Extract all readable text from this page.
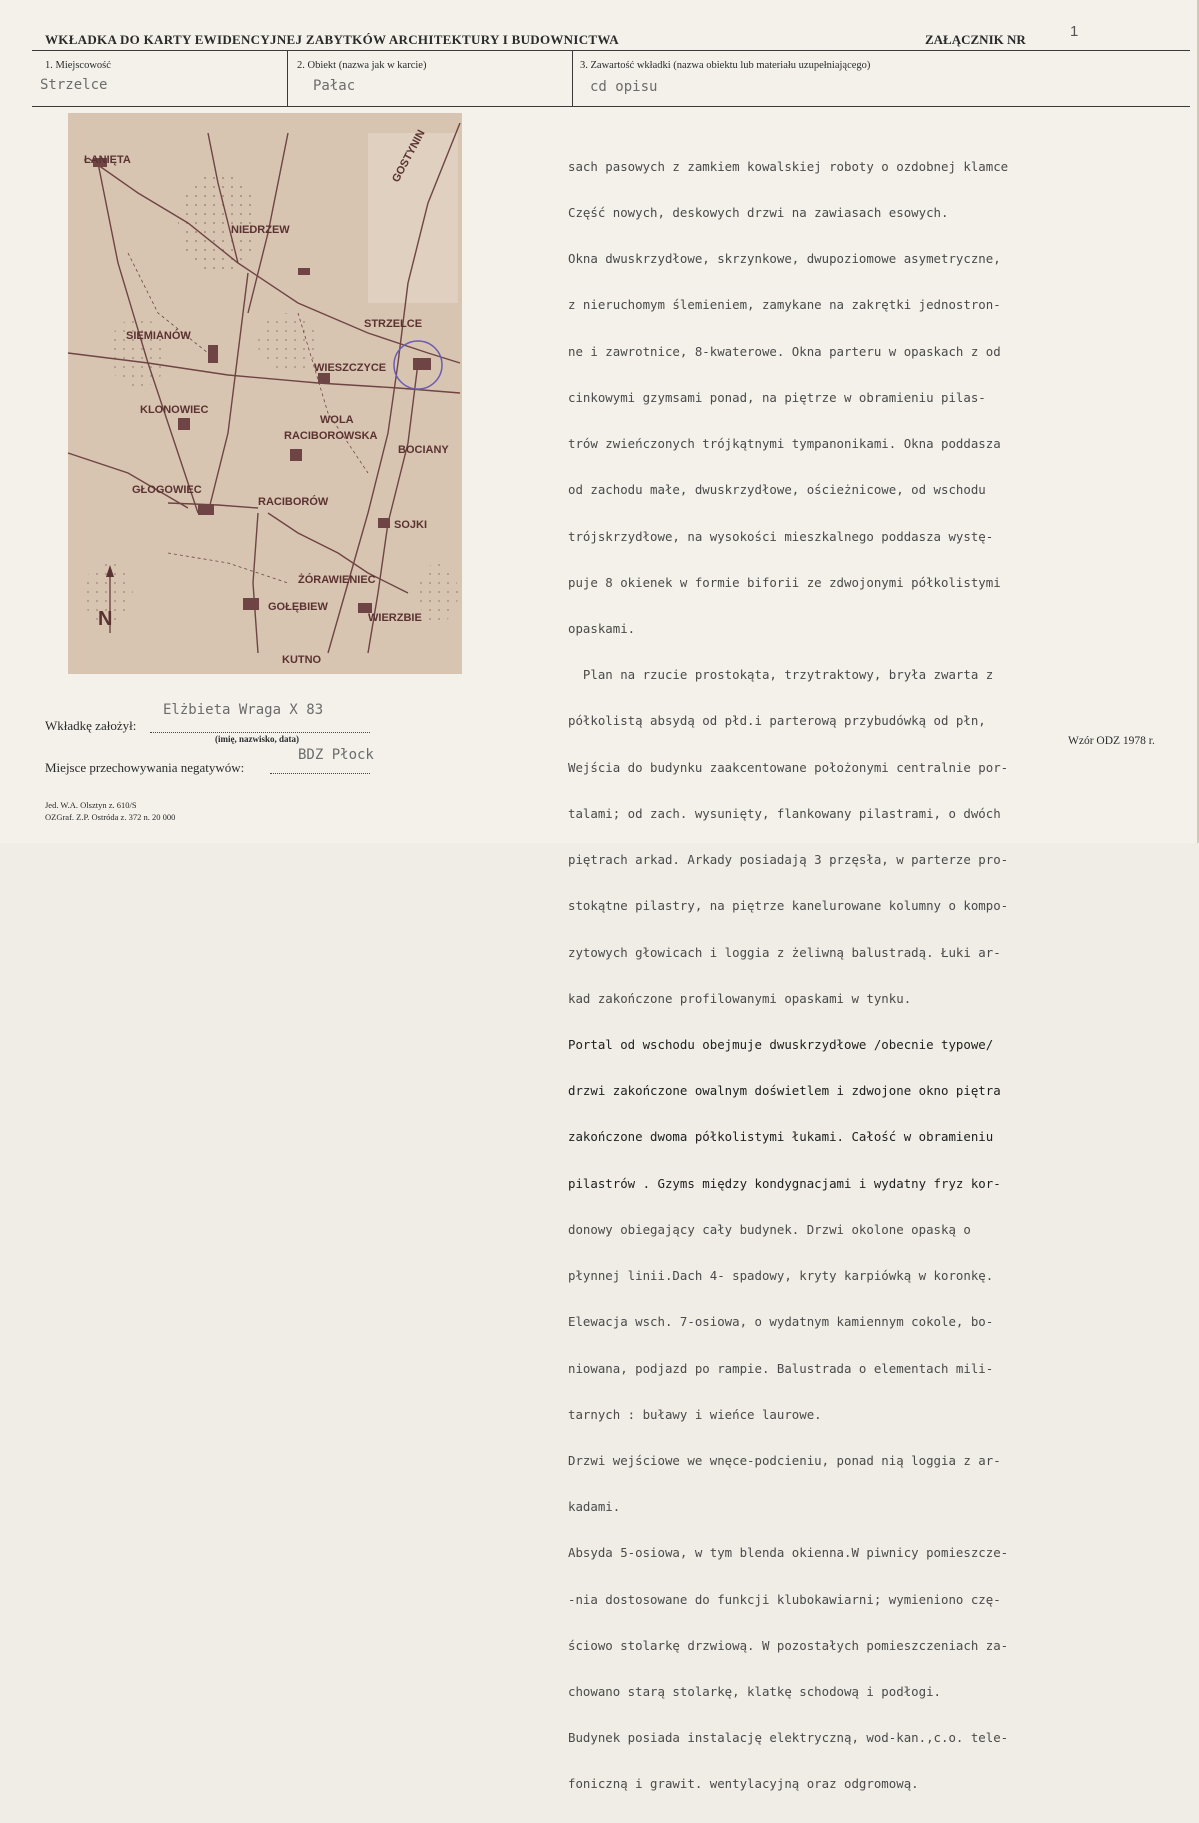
WKŁADKA DO KARTY EWIDENCYJNEJ ZABYTKÓW ARCHITEKTURY I BUDOWNICTWA	ZAŁĄCZNIK NR	1
1. Miejscowość
Strzelce
2. Obiekt (nazwa jak w karcie)
Pałac
3. Zawartość wkładki (nazwa obiektu lub materiału uzupełniającego)
cd opisu
N
ŁANIĘTA
NIEDRZEW
GOSTYNIN
SIEMIANÓW
STRZELCE
WIESZCZYCE
KLONOWIEC
WOLA
RACIBOROWSKA
BOCIANY
GŁOGOWIEC
RACIBORÓW
SOJKI
ŻÓRAWIENIEC
GOŁĘBIEW
WIERZBIE
KUTNO

sach pasowych z zamkiem kowalskiej roboty o ozdobnej klamce

Część nowych, deskowych drzwi na zawiasach esowych.

Okna dwuskrzydłowe, skrzynkowe, dwupoziomowe asymetryczne,

z nieruchomym ślemieniem, zamykane na zakrętki jednostron-

ne i zawrotnice, 8-kwaterowe. Okna parteru w opaskach z od

cinkowymi gzymsami ponad, na piętrze w obramieniu pilas-

trów zwieńczonych trójkątnymi tympanonikami. Okna poddasza

od zachodu małe, dwuskrzydłowe, ościeżnicowe, od wschodu

trójskrzydłowe, na wysokości mieszkalnego poddasza wystę-

puje 8 okienek w formie biforii ze zdwojonymi półkolistymi

opaskami.

Plan na rzucie prostokąta, trzytraktowy, bryła zwarta z

półkolistą absydą od płd.i parterową przybudówką od płn,

Wejścia do budynku zaakcentowane położonymi centralnie por-

talami; od zach. wysunięty, flankowany pilastrami, o dwóch

piętrach arkad. Arkady posiadają 3 przęsła, w parterze pro-

stokątne pilastry, na piętrze kanelurowane kolumny o kompo-

zytowych głowicach i loggia z żeliwną balustradą. Łuki ar-

kad zakończone profilowanymi opaskami w tynku.

Portal od wschodu obejmuje dwuskrzydłowe /obecnie typowe/

drzwi zakończone owalnym doświetlem i zdwojone okno piętra

zakończone dwoma półkolistymi łukami. Całość w obramieniu

pilastrów . Gzyms między kondygnacjami i wydatny fryz kor-

donowy obiegający cały budynek. Drzwi okolone opaską o

płynnej linii.Dach 4- spadowy, kryty karpiówką w koronkę.

Elewacja wsch. 7-osiowa, o wydatnym kamiennym cokole, bo-

niowana, podjazd po rampie. Balustrada o elementach mili-

tarnych : buławy i wieńce laurowe.

Drzwi wejściowe we wnęce-podcieniu, ponad nią loggia z ar-

kadami.

Absyda 5-osiowa, w tym blenda okienna.W piwnicy pomieszcze-

-nia dostosowane do funkcji klubokawiarni; wymieniono czę-

ściowo stolarkę drzwiową. W pozostałych pomieszczeniach za-

chowano starą stolarkę, klatkę schodową i podłogi.

Budynek posiada instalację elektryczną, wod-kan.,c.o. tele-

foniczną i grawit. wentylacyjną oraz odgromową.

Wzór ODZ 1978 r.
Wkładkę założył:
Elżbieta Wraga X 83
(imię, nazwisko, data)
Miejsce przechowywania negatywów:
BDZ Płock
Jed. W.A. Olsztyn z. 610/S
OZGraf. Z.P. Ostróda z. 372 n. 20 000
